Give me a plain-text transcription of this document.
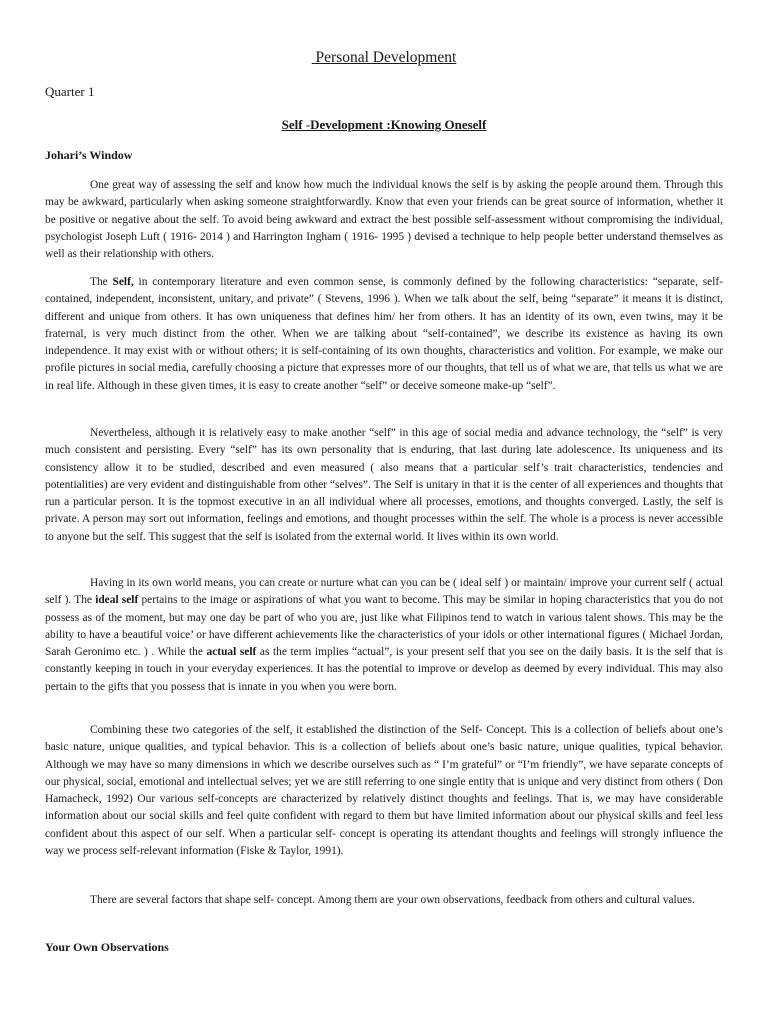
Personal Development
Quarter 1
Self -Development :Knowing Oneself
Johari’s Window

One great way of assessing the self and know how much the individual knows the self is by asking the people around them. Through this may be awkward, particularly when asking someone straightforwardly. Know that even your friends can be great source of information, whether it be positive or negative about the self. To avoid being awkward and extract the best possible self-assessment without compromising the individual, psychologist Joseph Luft ( 1916- 2014 ) and Harrington Ingham ( 1916- 1995 ) devised a technique to help people better understand themselves as well as their relationship with others.

The Self, in contemporary literature and even common sense, is commonly defined by the following characteristics: “separate, self-contained, independent, inconsistent, unitary, and private” ( Stevens, 1996 ). When we talk about the self, being “separate” it means it is distinct, different and unique from others. It has own uniqueness that defines him/ her from others. It has an identity of its own, even twins, may it be fraternal, is very much distinct from the other. When we are talking about “self-contained”, we describe its existence as having its own independence. It may exist with or without others; it is self-containing of its own thoughts, characteristics and volition. For example, we make our profile pictures in social media, carefully choosing a picture that expresses more of our thoughts, that tell us of what we are, that tells us what we are in real life. Although in these given times, it is easy to create another “self” or deceive someone make-up “self”.

Nevertheless, although it is relatively easy to make another “self” in this age of social media and advance technology, the “self” is very much consistent and persisting. Every “self” has its own personality that is enduring, that last during late adolescence. Its uniqueness and its consistency allow it to be studied, described and even measured ( also means that a particular self’s trait characteristics, tendencies and potentialities) are very evident and distinguishable from other “selves”. The Self is unitary in that it is the center of all experiences and thoughts that run a particular person. It is the topmost executive in an all individual where all processes, emotions, and thoughts converged. Lastly, the self is private. A person may sort out information, feelings and emotions, and thought processes within the self. The whole is a process is never accessible to anyone but the self. This suggest that the self is isolated from the external world. It lives within its own world.

Having in its own world means, you can create or nurture what can you can be ( ideal self ) or maintain/ improve your current self ( actual self ). The ideal self pertains to the image or aspirations of what you want to become. This may be similar in hoping characteristics that you do not possess as of the moment, but may one day be part of who you are, just like what Filipinos tend to watch in various talent shows. This may be the ability to have a beautiful voice’ or have different achievements like the characteristics of your idols or other international figures ( Michael Jordan, Sarah Geronimo etc. ) . While the actual self as the term implies “actual”, is your present self that you see on the daily basis. It is the self that is constantly keeping in touch in your everyday experiences. It has the potential to improve or develop as deemed by every individual. This may also pertain to the gifts that you possess that is innate in you when you were born.

Combining these two categories of the self, it established the distinction of the Self- Concept. This is a collection of beliefs about one’s basic nature, unique qualities, and typical behavior. This is a collection of beliefs about one’s basic nature, unique qualities, typical behavior. Although we may have so many dimensions in which we describe ourselves such as “ I’m grateful” or “I’m friendly”, we have separate concepts of our physical, social, emotional and intellectual selves; yet we are still referring to one single entity that is unique and very distinct from others ( Don Hamacheck, 1992) Our various self-concepts are characterized by relatively distinct thoughts and feelings. That is, we may have considerable information about our social skills and feel quite confident with regard to them but have limited information about our physical skills and feel less confident about this aspect of our self. When a particular self- concept is operating its attendant thoughts and feelings will strongly influence the way we process self-relevant information (Fiske & Taylor, 1991).

There are several factors that shape self- concept. Among them are your own observations, feedback from others and cultural values.

Your Own Observations
